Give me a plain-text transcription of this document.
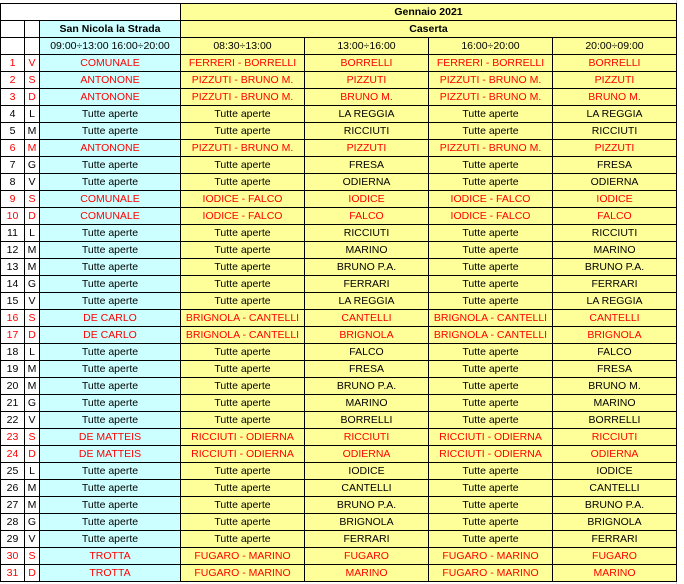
			Gennaio 2021			
		San Nicola la Strada	Caserta			
		09:00÷13:00 16:00÷20:00	08:30÷13:00	13:00÷16:00	16:00÷20:00	20:00÷09:00
1	V	COMUNALE	FERRERI - BORRELLI	BORRELLI	FERRERI - BORRELLI	BORRELLI
2	S	ANTONONE	PIZZUTI - BRUNO M.	PIZZUTI	PIZZUTI - BRUNO M.	PIZZUTI
3	D	ANTONONE	PIZZUTI - BRUNO M.	BRUNO M.	PIZZUTI - BRUNO M.	BRUNO M.
4	L	Tutte aperte	Tutte aperte	LA REGGIA	Tutte aperte	LA REGGIA
5	M	Tutte aperte	Tutte aperte	RICCIUTI	Tutte aperte	RICCIUTI
6	M	ANTONONE	PIZZUTI - BRUNO M.	PIZZUTI	PIZZUTI - BRUNO M.	PIZZUTI
7	G	Tutte aperte	Tutte aperte	FRESA	Tutte aperte	FRESA
8	V	Tutte aperte	Tutte aperte	ODIERNA	Tutte aperte	ODIERNA
9	S	COMUNALE	IODICE - FALCO	IODICE	IODICE - FALCO	IODICE
10	D	COMUNALE	IODICE - FALCO	FALCO	IODICE - FALCO	FALCO
11	L	Tutte aperte	Tutte aperte	RICCIUTI	Tutte aperte	RICCIUTI
12	M	Tutte aperte	Tutte aperte	MARINO	Tutte aperte	MARINO
13	M	Tutte aperte	Tutte aperte	BRUNO P.A.	Tutte aperte	BRUNO P.A.
14	G	Tutte aperte	Tutte aperte	FERRARI	Tutte aperte	FERRARI
15	V	Tutte aperte	Tutte aperte	LA REGGIA	Tutte aperte	LA REGGIA
16	S	DE CARLO	BRIGNOLA - CANTELLI	CANTELLI	BRIGNOLA - CANTELLI	CANTELLI
17	D	DE CARLO	BRIGNOLA - CANTELLI	BRIGNOLA	BRIGNOLA - CANTELLI	BRIGNOLA
18	L	Tutte aperte	Tutte aperte	FALCO	Tutte aperte	FALCO
19	M	Tutte aperte	Tutte aperte	FRESA	Tutte aperte	FRESA
20	M	Tutte aperte	Tutte aperte	BRUNO P.A.	Tutte aperte	BRUNO M.
21	G	Tutte aperte	Tutte aperte	MARINO	Tutte aperte	MARINO
22	V	Tutte aperte	Tutte aperte	BORRELLI	Tutte aperte	BORRELLI
23	S	DE MATTEIS	RICCIUTI - ODIERNA	RICCIUTI	RICCIUTI - ODIERNA	RICCIUTI
24	D	DE MATTEIS	RICCIUTI - ODIERNA	ODIERNA	RICCIUTI - ODIERNA	ODIERNA
25	L	Tutte aperte	Tutte aperte	IODICE	Tutte aperte	IODICE
26	M	Tutte aperte	Tutte aperte	CANTELLI	Tutte aperte	CANTELLI
27	M	Tutte aperte	Tutte aperte	BRUNO P.A.	Tutte aperte	BRUNO P.A.
28	G	Tutte aperte	Tutte aperte	BRIGNOLA	Tutte aperte	BRIGNOLA
29	V	Tutte aperte	Tutte aperte	FERRARI	Tutte aperte	FERRARI
30	S	TROTTA	FUGARO - MARINO	FUGARO	FUGARO - MARINO	FUGARO
31	D	TROTTA	FUGARO - MARINO	MARINO	FUGARO - MARINO	MARINO
